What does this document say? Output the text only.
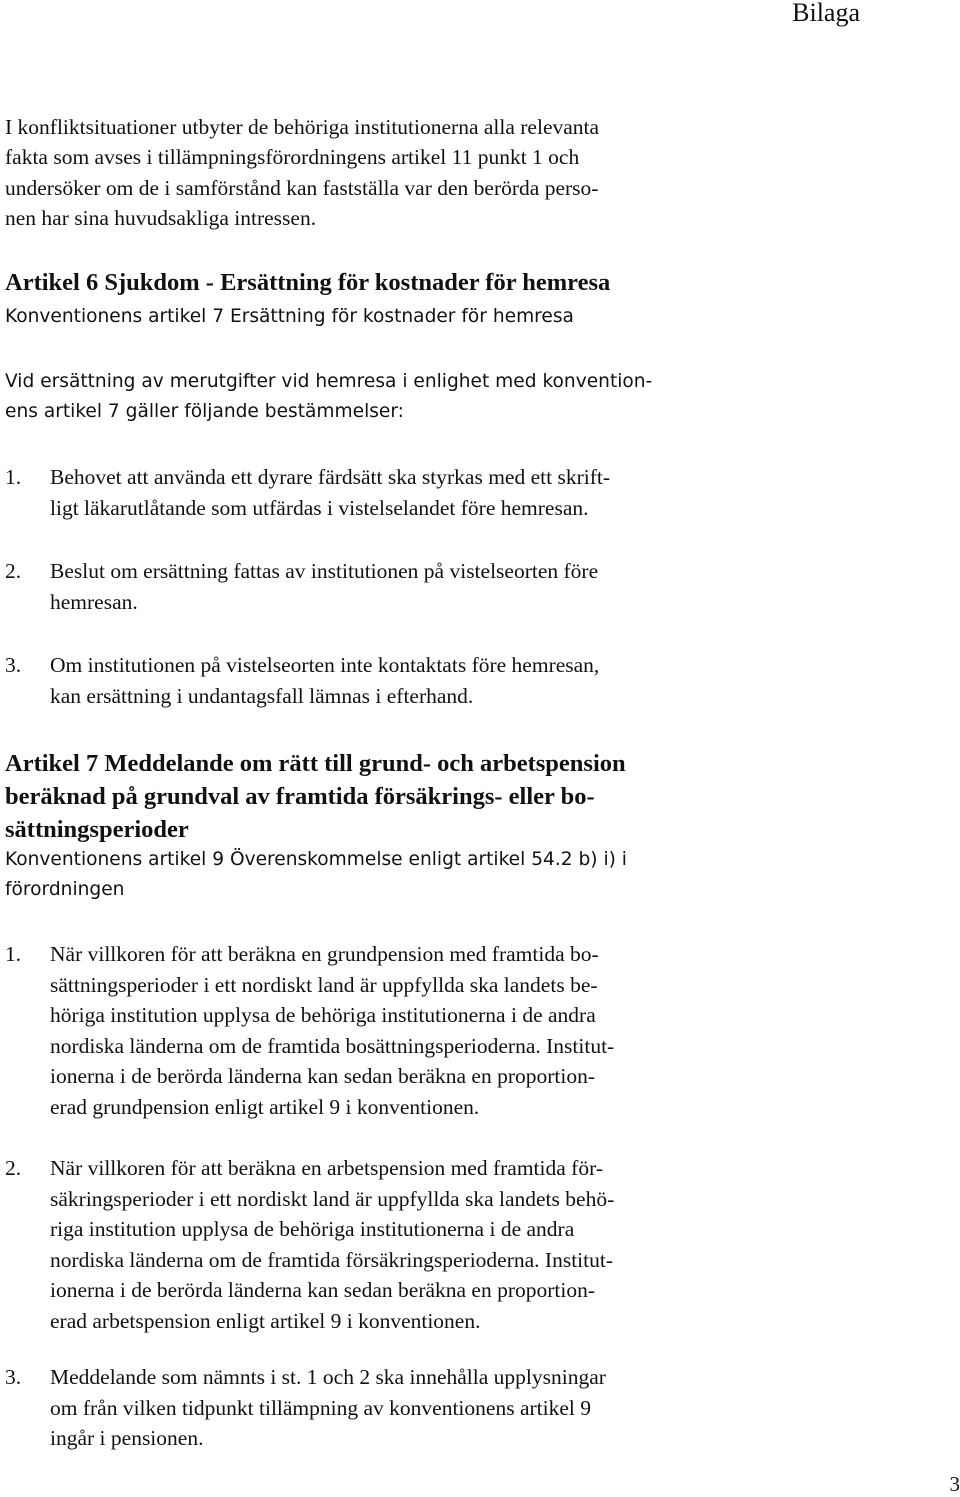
Bilaga
I konfliktsituationer utbyter de behöriga institutionerna alla relevanta
fakta som avses i tillämpningsförordningens artikel 11 punkt 1 och
undersöker om de i samförstånd kan fastställa var den berörda perso-
nen har sina huvudsakliga intressen.
Artikel 6 Sjukdom - Ersättning för kostnader för hemresa
Konventionens artikel 7 Ersättning för kostnader för hemresa
Vid ersättning av merutgifter vid hemresa i enlighet med konvention-
ens artikel 7 gäller följande bestämmelser:
1. Behovet att använda ett dyrare färdsätt ska styrkas med ett skrift-
ligt läkarutlåtande som utfärdas i vistelselandet före hemresan.
2. Beslut om ersättning fattas av institutionen på vistelseorten före
hemresan.
3. Om institutionen på vistelseorten inte kontaktats före hemresan,
kan ersättning i undantagsfall lämnas i efterhand.
Artikel 7 Meddelande om rätt till grund- och arbetspension
beräknad på grundval av framtida försäkrings- eller bo-
sättningsperioder
Konventionens artikel 9 Överenskommelse enligt artikel 54.2 b) i) i
förordningen
1. När villkoren för att beräkna en grundpension med framtida bo-
sättningsperioder i ett nordiskt land är uppfyllda ska landets be-
höriga institution upplysa de behöriga institutionerna i de andra
nordiska länderna om de framtida bosättningsperioderna. Institut-
ionerna i de berörda länderna kan sedan beräkna en proportion-
erad grundpension enligt artikel 9 i konventionen.
2. När villkoren för att beräkna en arbetspension med framtida för-
säkringsperioder i ett nordiskt land är uppfyllda ska landets behö-
riga institution upplysa de behöriga institutionerna i de andra
nordiska länderna om de framtida försäkringsperioderna. Institut-
ionerna i de berörda länderna kan sedan beräkna en proportion-
erad arbetspension enligt artikel 9 i konventionen.
3. Meddelande som nämnts i st. 1 och 2 ska innehålla upplysningar
om från vilken tidpunkt tillämpning av konventionens artikel 9
ingår i pensionen.
3
